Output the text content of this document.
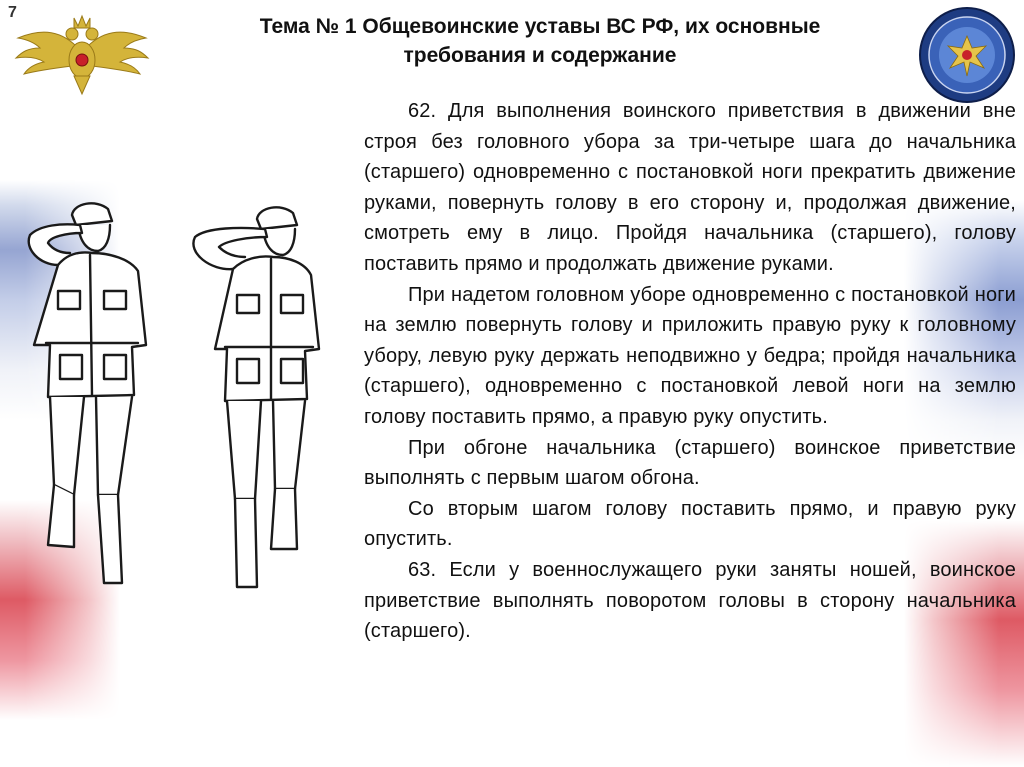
7
Тема № 1 Общевоинские уставы ВС РФ, их основные
требования и содержание

62. Для выполнения воинского приветствия в движении вне строя без головного убора за три-четыре шага до начальника (старшего) одновременно с постановкой ноги прекратить движение руками, повернуть голову в его сторону и, продолжая движение, смотреть ему в лицо. Пройдя начальника (старшего), голову поставить прямо и продолжать движение руками.

При надетом головном уборе одновременно с постановкой ноги на землю повернуть голову и приложить правую руку к головному убору, левую руку держать неподвижно у бедра; пройдя начальника (старшего), одновременно с постановкой левой ноги на землю голову поставить прямо, а правую руку опустить.

При обгоне начальника (старшего) воинское приветствие выполнять с первым шагом обгона.

Со вторым шагом голову поставить прямо, и правую руку опустить.

63. Если у военнослужащего руки заняты ношей, воинское приветствие выполнять поворотом головы в сторону начальника (старшего).
